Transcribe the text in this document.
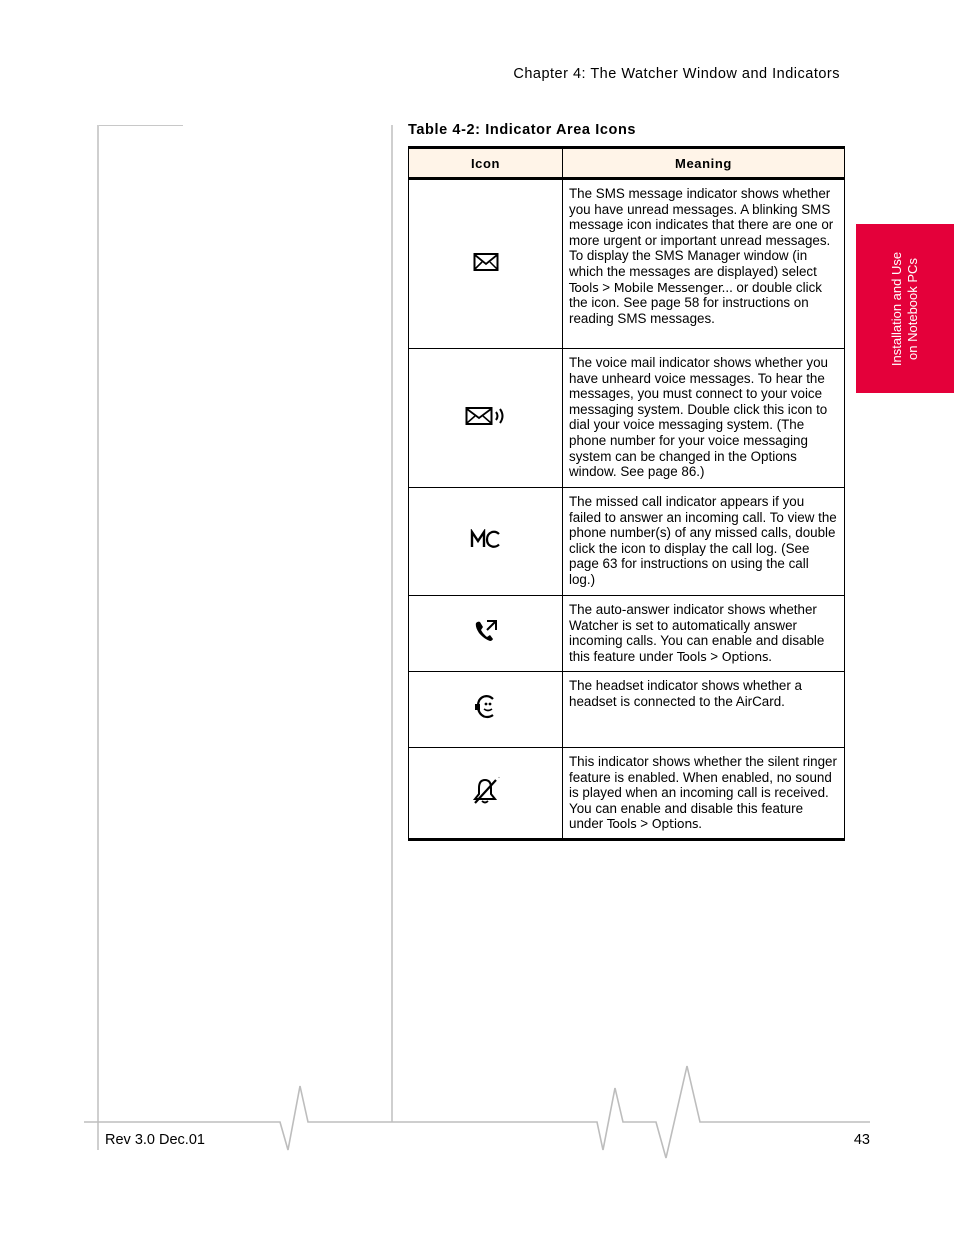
Chapter 4: The Watcher Window and Indicators
Table 4-2: Indicator Area Icons
Icon	Meaning
	The SMS message indicator shows whether you have unread messages. A blinking SMS message icon indicates that there are one or more urgent or important unread messages. To display the SMS Manager window (in which the messages are displayed) select Tools > Mobile Messenger... or double click the icon. See page 58 for instructions on reading SMS messages.
	The voice mail indicator shows whether you have unheard voice messages. To hear the messages, you must connect to your voice messaging system. Double click this icon to dial your voice messaging system. (The phone number for your voice messaging system can be changed in the Options window. See page 86.)
	The missed call indicator appears if you failed to answer an incoming call. To view the phone number(s) of any missed calls, double click the icon to display the call log. (See page 63 for instructions on using the call log.)
	The auto-answer indicator shows whether Watcher is set to automatically answer incoming calls. You can enable and disable this feature under Tools > Options.
	The headset indicator shows whether a headset is connected to the AirCard.
	This indicator shows whether the silent ringer feature is enabled. When enabled, no sound is played when an incoming call is received. You can enable and disable this feature under Tools > Options.
Installation and Use on Notebook PCs
Rev 3.0 Dec.01	43
